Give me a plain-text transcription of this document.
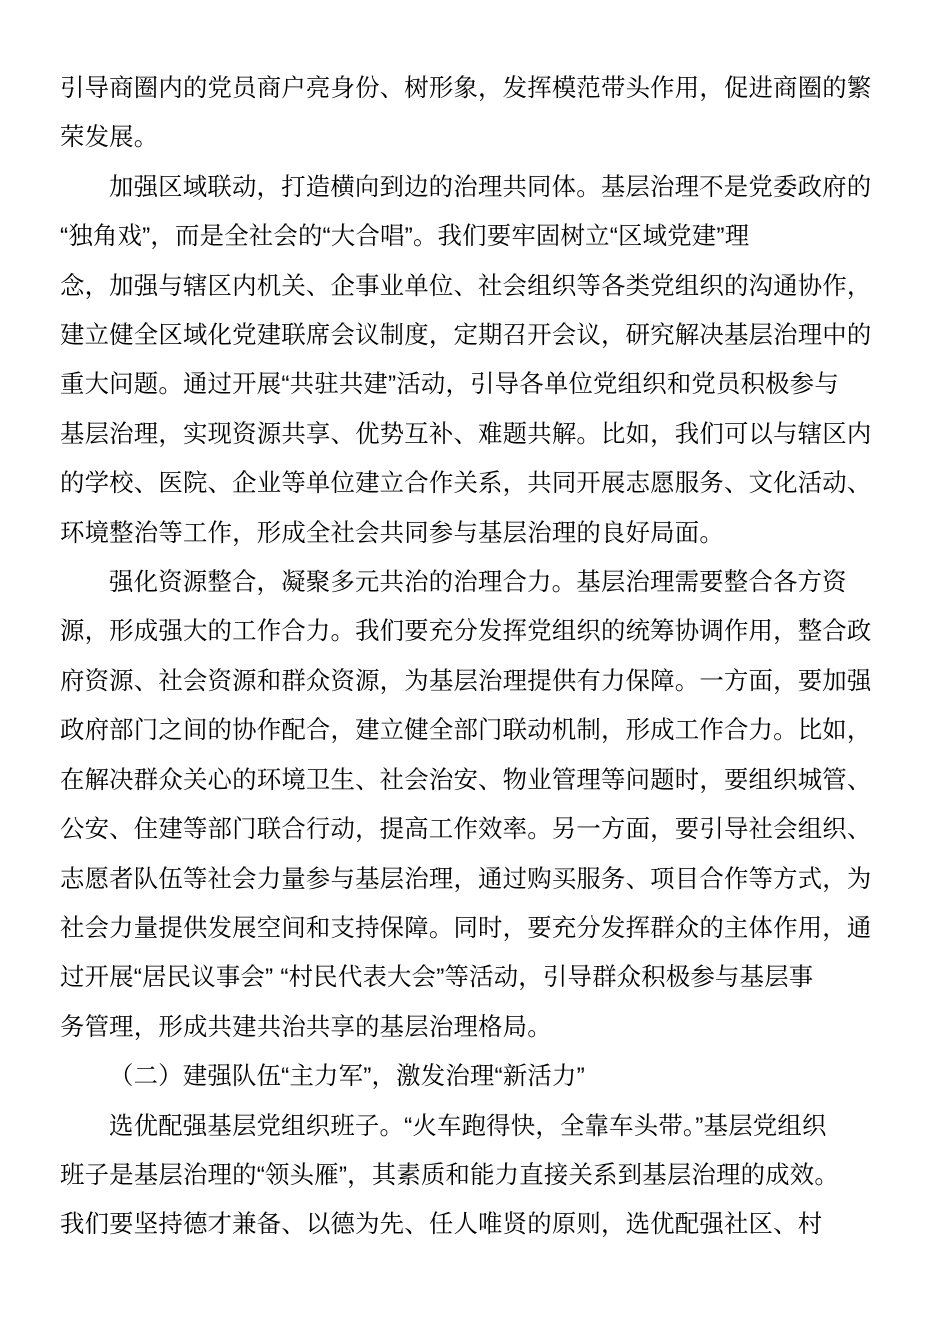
引导商圈内的党员商户亮身份、树形象，发挥模范带头作用，促进商圈的繁

荣发展。

加强区域联动，打造横向到边的治理共同体。基层治理不是党委政府的

“独角戏”，而是全社会的“大合唱”。我们要牢固树立“区域党建”理

念，加强与辖区内机关、企事业单位、社会组织等各类党组织的沟通协作，

建立健全区域化党建联席会议制度，定期召开会议，研究解决基层治理中的

重大问题。通过开展“共驻共建”活动，引导各单位党组织和党员积极参与

基层治理，实现资源共享、优势互补、难题共解。比如，我们可以与辖区内

的学校、医院、企业等单位建立合作关系，共同开展志愿服务、文化活动、

环境整治等工作，形成全社会共同参与基层治理的良好局面。

强化资源整合，凝聚多元共治的治理合力。基层治理需要整合各方资

源，形成强大的工作合力。我们要充分发挥党组织的统筹协调作用，整合政

府资源、社会资源和群众资源，为基层治理提供有力保障。一方面，要加强

政府部门之间的协作配合，建立健全部门联动机制，形成工作合力。比如，

在解决群众关心的环境卫生、社会治安、物业管理等问题时，要组织城管、

公安、住建等部门联合行动，提高工作效率。另一方面，要引导社会组织、

志愿者队伍等社会力量参与基层治理，通过购买服务、项目合作等方式，为

社会力量提供发展空间和支持保障。同时，要充分发挥群众的主体作用，通

过开展“居民议事会” “村民代表大会”等活动，引导群众积极参与基层事

务管理，形成共建共治共享的基层治理格局。

（二）建强队伍“主力军”，激发治理“新活力”

选优配强基层党组织班子。“火车跑得快，全靠车头带。”基层党组织

班子是基层治理的“领头雁”，其素质和能力直接关系到基层治理的成效。

我们要坚持德才兼备、以德为先、任人唯贤的原则，选优配强社区、村
